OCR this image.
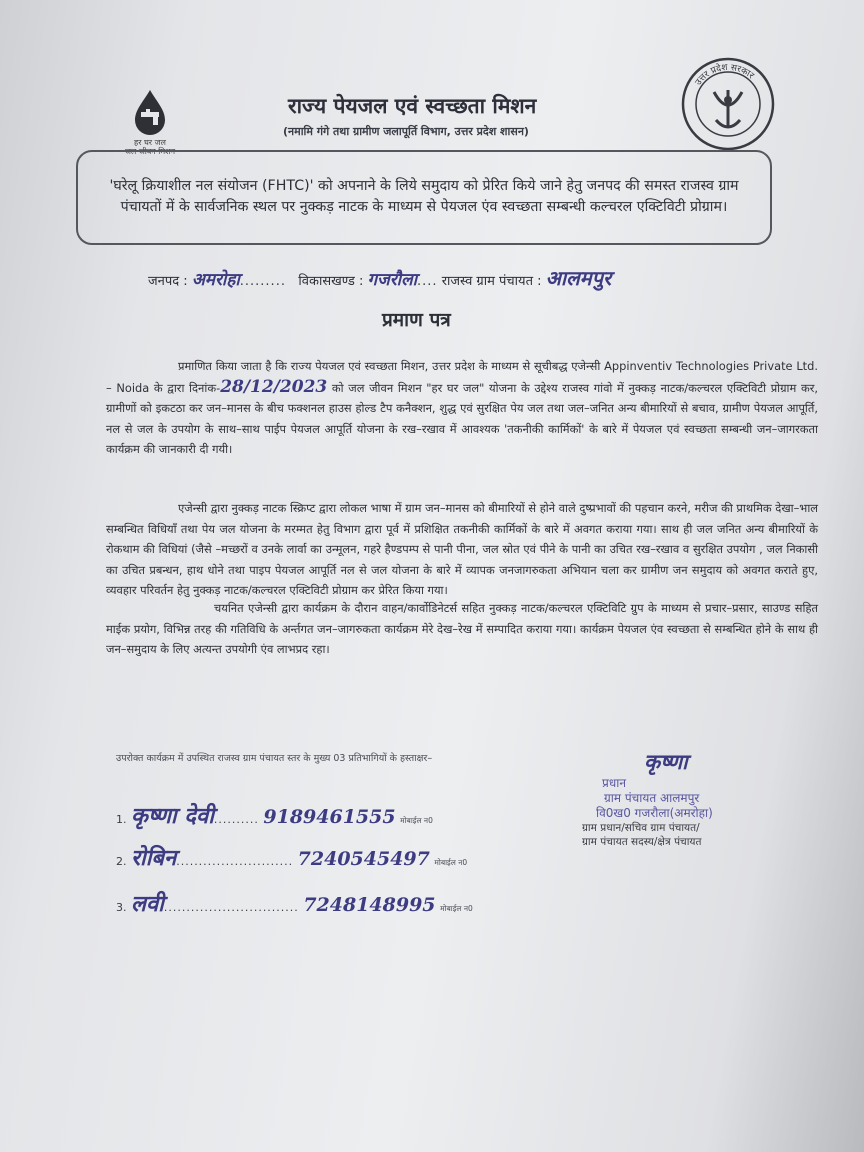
हर घर जल
जल जीवन मिशन
राज्य पेयजल एवं स्वच्छता मिशन
(नमामि गंगे तथा ग्रामीण जलापूर्ति विभाग, उत्तर प्रदेश शासन)
उत्तर प्रदेश सरकार
'घरेलू क्रियाशील नल संयोजन (FHTC)' को अपनाने के लिये समुदाय को प्रेरित किये जाने हेतु जनपद की समस्त राजस्व ग्राम पंचायतों में के सार्वजनिक स्थल पर नुक्कड़ नाटक के माध्यम से पेयजल एंव स्वच्छता सम्बन्धी कल्चरल एक्टिविटी प्रोग्राम।
जनपद : अमरोहा......... विकासखण्ड : गजरौला.... राजस्व ग्राम पंचायत : आलमपुर
प्रमाण पत्र
प्रमाणित किया जाता है कि राज्य पेयजल एवं स्वच्छता मिशन, उत्तर प्रदेश के माध्यम से सूचीबद्ध एजेन्सी Appinventiv Technologies Private Ltd. – Noida के द्वारा दिनांक-28/12/2023 को जल जीवन मिशन "हर घर जल" योजना के उद्देश्य राजस्व गांवो में नुक्कड़ नाटक/कल्चरल एक्टिविटी प्रोग्राम कर, ग्रामीणों को इकटठा कर जन–मानस के बीच फक्शनल हाउस होल्ड टैप कनैक्शन, शुद्ध एवं सुरक्षित पेय जल तथा जल–जनित अन्य बीमारियों से बचाव, ग्रामीण पेयजल आपूर्ति, नल से जल के उपयोग के साथ–साथ पाईप पेयजल आपूर्ति योजना के रख–रखाव में आवश्यक 'तकनीकी कार्मिकों' के बारे में पेयजल एवं स्वच्छता सम्बन्धी जन–जागरकता कार्यक्रम की जानकारी दी गयी।
एजेन्सी द्वारा नुक्कड़ नाटक स्क्रिप्ट द्वारा लोकल भाषा में ग्राम जन–मानस को बीमारियों से होने वाले दुष्प्रभावों की पहचान करने, मरीज की प्राथमिक देखा–भाल सम्बन्धित विधियाँ तथा पेय जल योजना के मरम्मत हेतु विभाग द्वारा पूर्व में प्रशिक्षित तकनीकी कार्मिकों के बारे में अवगत कराया गया। साथ ही जल जनित अन्य बीमारियों के रोकथाम की विधियां (जैसे –मच्छरों व उनके लार्वा का उन्मूलन, गहरे हैण्डपम्प से पानी पीना, जल स्रोत एवं पीने के पानी का उचित रख–रखाव व सुरक्षित उपयोग , जल निकासी का उचित प्रबन्धन, हाथ धोने तथा पाइप पेयजल आपूर्ति नल से जल योजना के बारे में व्यापक जनजागरुकता अभियान चला कर ग्रामीण जन समुदाय को अवगत कराते हुए, व्यवहार परिवर्तन हेतु नुक्कड़ नाटक/कल्चरल एक्टिविटी प्रोग्राम कर प्रेरित किया गया।
चयनित एजेन्सी द्वारा कार्यक्रम के दौरान वाहन/कार्वोडिनेटर्स सहित नुक्कड़ नाटक/कल्चरल एक्टिविटि ग्रुप के माध्यम से प्रचार–प्रसार, साउण्ड सहित माईक प्रयोग, विभिन्न तरह की गतिविधि के अर्न्तगत जन–जागरुकता कार्यक्रम मेरे देख–रेख में सम्पादित कराया गया। कार्यक्रम पेयजल एंव स्वच्छता से सम्बन्धित होने के साथ ही जन–समुदाय के लिए अत्यन्त उपयोगी एंव लाभप्रद रहा।
उपरोक्त कार्यक्रम में उपस्थित राजस्व ग्राम पंचायत स्तर के मुख्य 03 प्रतिभागियों के हस्ताक्षर–
1. कृष्णा देवी.......... 9189461555 मोबाईल न0
2. रोबिन.......................... 7240545497 मोबाईल न0
3. लवी.............................. 7248148995 मोबाईल न0
कृष्णा
प्रधान
ग्राम पंचायत आलमपुर
वि0ख0 गजरौला(अमरोहा)
ग्राम प्रधान/सचिव ग्राम पंचायत/
ग्राम पंचायत सदस्य/क्षेत्र पंचायत
